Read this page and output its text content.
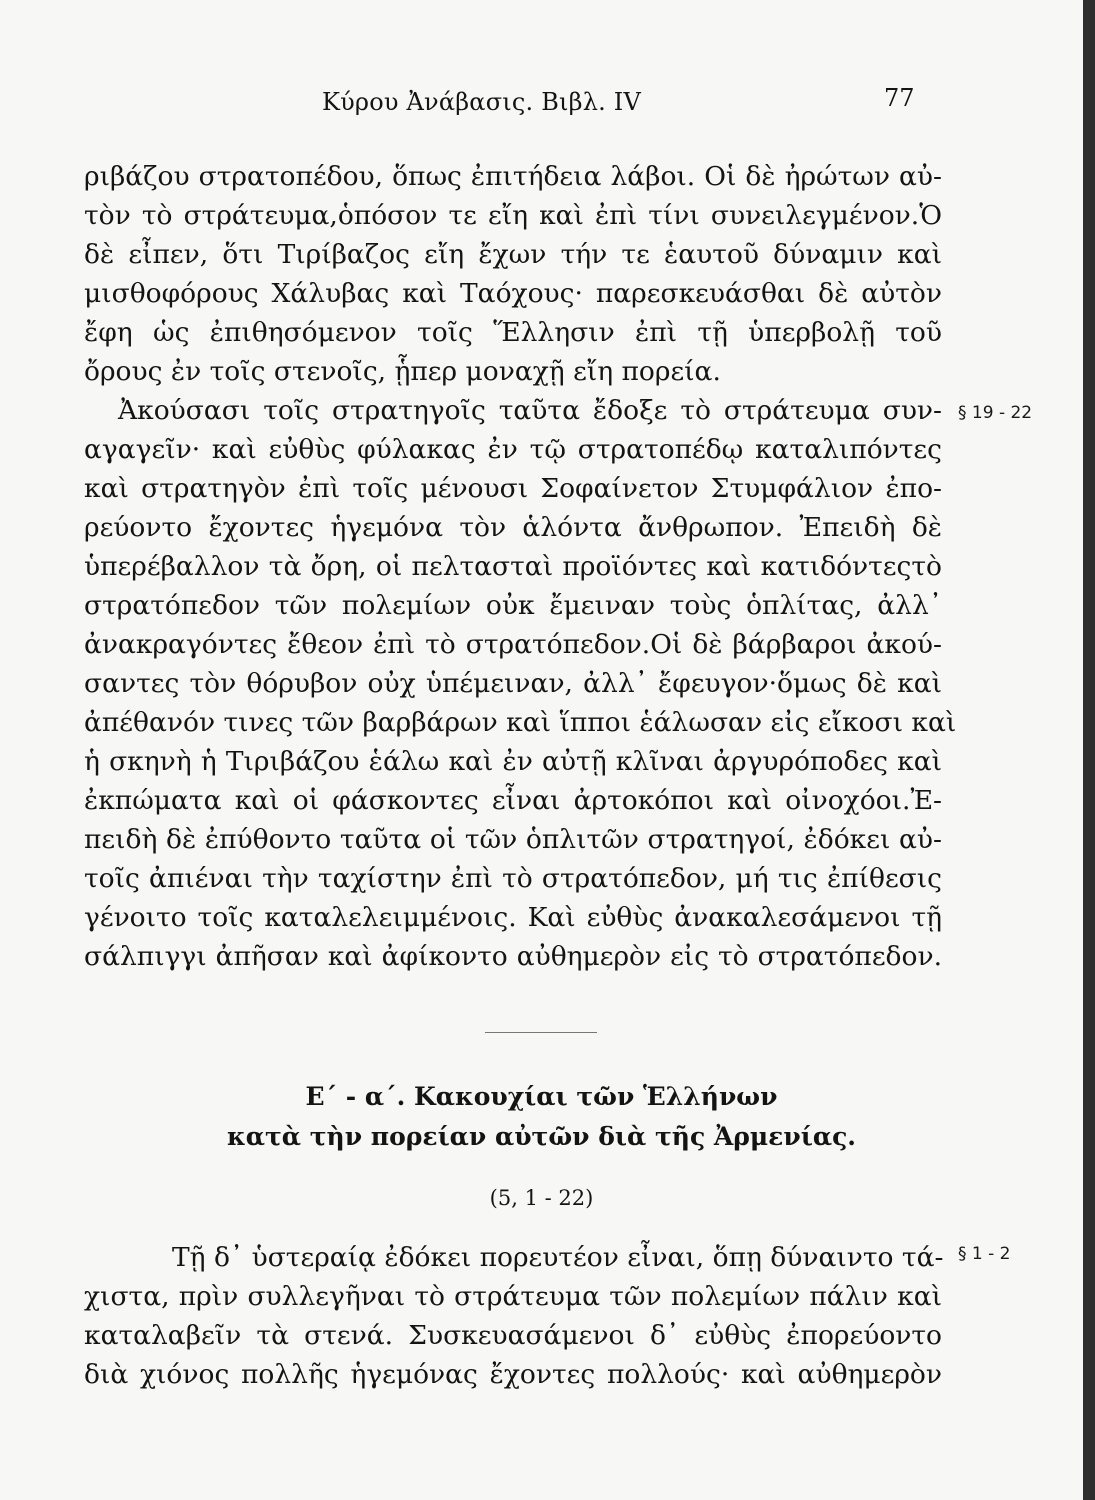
Κύρου Ἀνάβασις. Βιβλ. IV	77
ριβάζου στρατοπέδου, ὅπως ἐπιτήδεια λάβοι. Οἱ δὲ ἠρώτων αὐ-
τὸν τὸ στράτευμα,ὁπόσον τε εἴη καὶ ἐπὶ τίνι συνειλεγμένον.Ὁ
δὲ εἶπεν, ὅτι Τιρίβαζος εἴη ἔχων τήν τε ἑαυτοῦ δύναμιν καὶ
μισθοφόρους Χάλυβας καὶ Ταόχους· παρεσκευάσθαι δὲ αὐτὸν
ἔφη ὡς ἐπιθησόμενον τοῖς Ἕλλησιν ἐπὶ τῇ ὑπερβολῇ τοῦ
ὄρους ἐν τοῖς στενοῖς, ᾗπερ μοναχῇ εἴη πορεία.
Ἀκούσασι τοῖς στρατηγοῖς ταῦτα ἔδοξε τὸ στράτευμα συν-
αγαγεῖν· καὶ εὐθὺς φύλακας ἐν τῷ στρατοπέδῳ καταλιπόντες
καὶ στρατηγὸν ἐπὶ τοῖς μένουσι Σοφαίνετον Στυμφάλιον ἐπο-
ρεύοντο ἔχοντες ἡγεμόνα τὸν ἁλόντα ἄνθρωπον. Ἐπειδὴ δὲ
ὑπερέβαλλον τὰ ὄρη, οἱ πελτασταὶ προϊόντες καὶ κατιδόντεςτὸ
στρατόπεδον τῶν πολεμίων οὐκ ἔμειναν τοὺς ὁπλίτας, ἀλλ᾽
ἀνακραγόντες ἔθεον ἐπὶ τὸ στρατόπεδον.Οἱ δὲ βάρβαροι ἀκού-
σαντες τὸν θόρυβον οὐχ ὑπέμειναν, ἀλλ᾽ ἔφευγον·ὅμως δὲ καὶ
ἀπέθανόν τινες τῶν βαρβάρων καὶ ἵπποι ἑάλωσαν εἰς εἴκοσι καὶ
ἡ σκηνὴ ἡ Τιριβάζου ἑάλω καὶ ἐν αὐτῇ κλῖναι ἀργυρόποδες καὶ
ἐκπώματα καὶ οἱ φάσκοντες εἶναι ἀρτοκόποι καὶ οἰνοχόοι.Ἐ-
πειδὴ δὲ ἐπύθοντο ταῦτα οἱ τῶν ὁπλιτῶν στρατηγοί, ἐδόκει αὐ-
τοῖς ἀπιέναι τὴν ταχίστην ἐπὶ τὸ στρατόπεδον, μή τις ἐπίθεσις
γένοιτο τοῖς καταλελειμμένοις. Καὶ εὐθὺς ἀνακαλεσάμενοι τῇ
σάλπιγγι ἀπῆσαν καὶ ἀφίκοντο αὐθημερὸν εἰς τὸ στρατόπεδον.
§ 19 - 22
Ε΄ - α΄. Κακουχίαι τῶν Ἑλλήνων
κατὰ τὴν πορείαν αὐτῶν διὰ τῆς Ἀρμενίας.
(5, 1 - 22)
Τῇ δ᾽ ὑστεραίᾳ ἐδόκει πορευτέον εἶναι, ὅπῃ δύναιντο τά-
χιστα, πρὶν συλλεγῆναι τὸ στράτευμα τῶν πολεμίων πάλιν καὶ
καταλαβεῖν τὰ στενά. Συσκευασάμενοι δ᾽ εὐθὺς ἐπορεύοντο
διὰ χιόνος πολλῆς ἡγεμόνας ἔχοντες πολλούς· καὶ αὐθημερὸν
§ 1 - 2
